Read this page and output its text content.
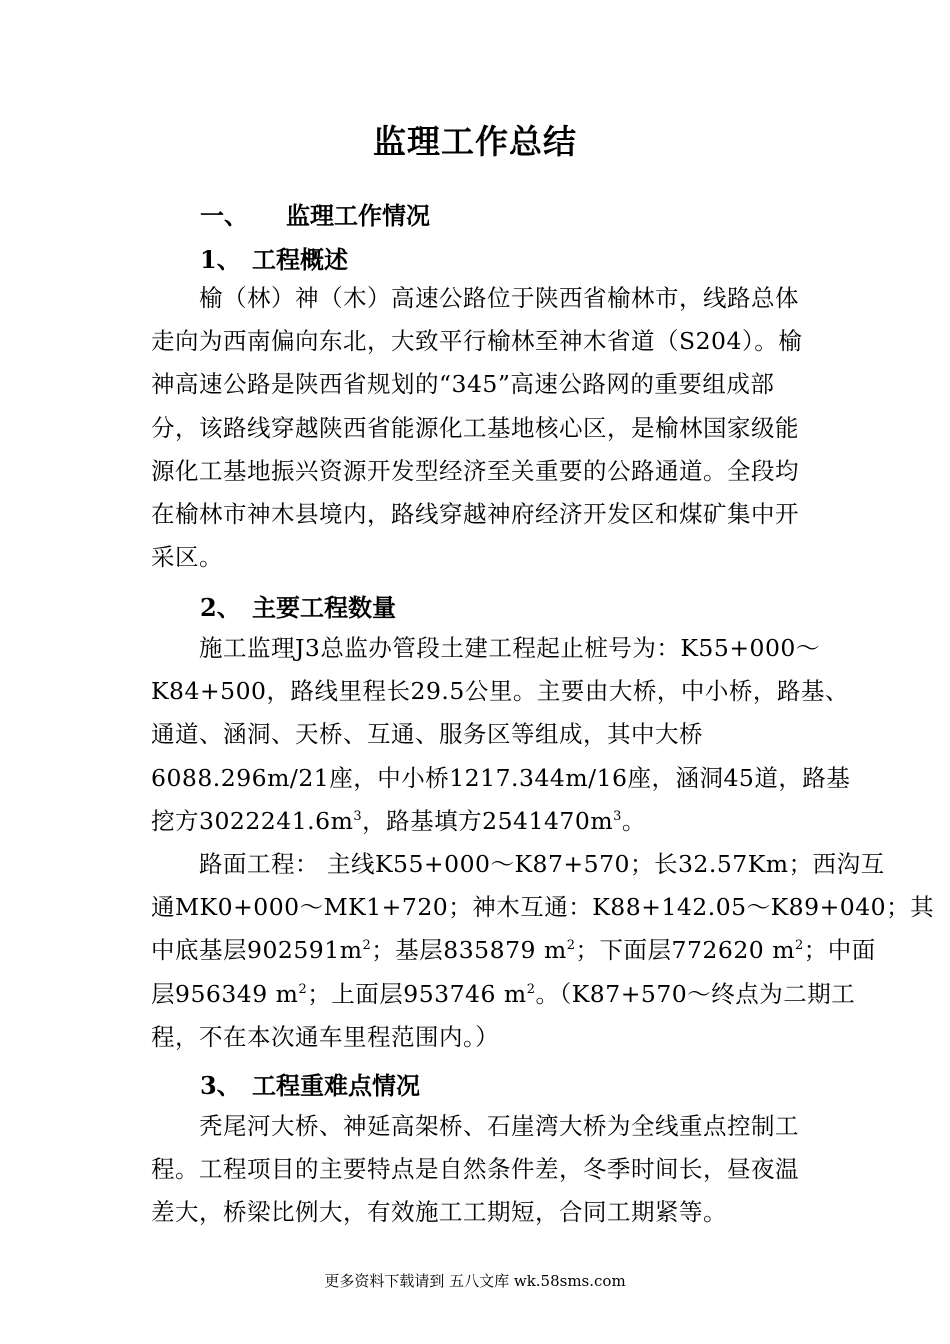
监理工作总结
一、 监理工作情况
1、 工程概述
榆（林）神（木）高速公路位于陕西省榆林市，线路总体
走向为西南偏向东北，大致平行榆林至神木省道（S204）。榆
神高速公路是陕西省规划的“345”高速公路网的重要组成部
分，该路线穿越陕西省能源化工基地核心区，是榆林国家级能
源化工基地振兴资源开发型经济至关重要的公路通道。全段均
在榆林市神木县境内，路线穿越神府经济开发区和煤矿集中开
采区。
2、 主要工程数量
施工监理J3总监办管段土建工程起止桩号为：K55+000～
K84+500，路线里程长29.5公里。主要由大桥，中小桥，路基、
通道、涵洞、天桥、互通、服务区等组成，其中大桥
6088.296m/21座，中小桥1217.344m/16座，涵洞45道，路基
挖方$3022241.6m^3$，路基填方$2541470m^3$。
路面工程： 主线K55+000～K87+570；长32.57Km；西沟互
通MK0+000～MK1+720；神木互通：K88+142.05～K89+040；其
中底基层$902591m^2$；基层835879 $m^2$；下面层772620 $m^2$；中面
层956349 $m^2$；上面层953746 $m^2$。（K87+570～终点为二期工
程，不在本次通车里程范围内。）
3、 工程重难点情况
秃尾河大桥、神延高架桥、石崖湾大桥为全线重点控制工
程。工程项目的主要特点是自然条件差，冬季时间长，昼夜温
差大，桥梁比例大，有效施工工期短，合同工期紧等。
更多资料下载请到 五八文库 wk.58sms.com
